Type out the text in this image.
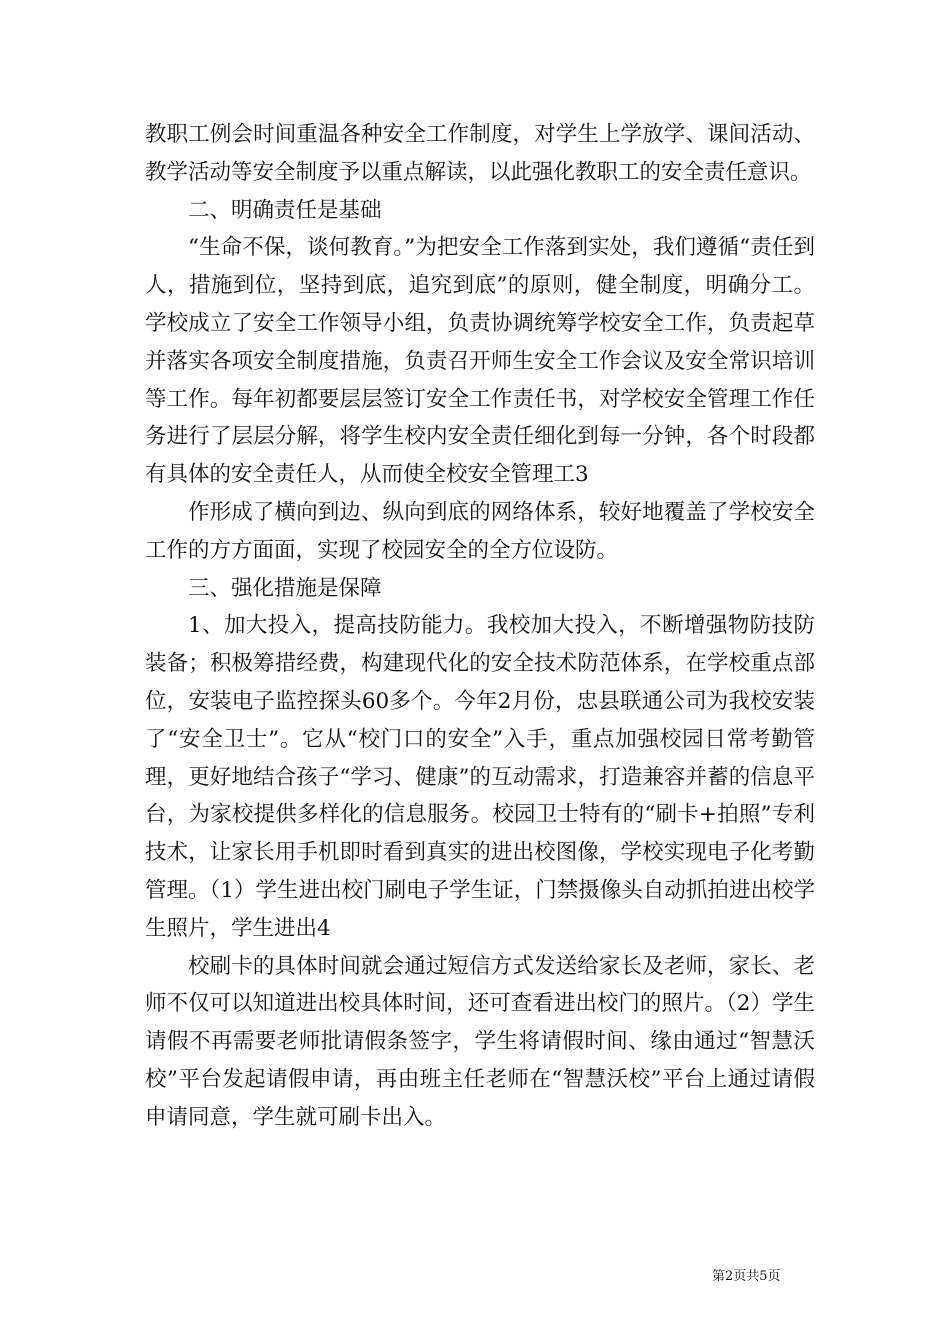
教职工例会时间重温各种安全工作制度，对学生上学放学、课间活动、教学活动等安全制度予以重点解读，以此强化教职工的安全责任意识。

二、明确责任是基础

“生命不保，谈何教育。”为把安全工作落到实处，我们遵循“责任到人，措施到位，坚持到底，追究到底”的原则，健全制度，明确分工。学校成立了安全工作领导小组，负责协调统筹学校安全工作，负责起草并落实各项安全制度措施，负责召开师生安全工作会议及安全常识培训等工作。每年初都要层层签订安全工作责任书，对学校安全管理工作任务进行了层层分解，将学生校内安全责任细化到每一分钟，各个时段都有具体的安全责任人，从而使全校安全管理工3

作形成了横向到边、纵向到底的网络体系，较好地覆盖了学校安全工作的方方面面，实现了校园安全的全方位设防。

三、强化措施是保障

1、加大投入，提高技防能力。我校加大投入，不断增强物防技防装备；积极筹措经费，构建现代化的安全技术防范体系，在学校重点部位，安装电子监控探头60多个。今年2月份，忠县联通公司为我校安装了“安全卫士”。它从“校门口的安全”入手，重点加强校园日常考勤管理，更好地结合孩子“学习、健康”的互动需求，打造兼容并蓄的信息平台，为家校提供多样化的信息服务。校园卫士特有的“刷卡+拍照”专利技术，让家长用手机即时看到真实的进出校图像，学校实现电子化考勤管理。（1）学生进出校门刷电子学生证，门禁摄像头自动抓拍进出校学生照片，学生进出4

校刷卡的具体时间就会通过短信方式发送给家长及老师，家长、老师不仅可以知道进出校具体时间，还可查看进出校门的照片。（2）学生请假不再需要老师批请假条签字，学生将请假时间、缘由通过“智慧沃校”平台发起请假申请，再由班主任老师在“智慧沃校”平台上通过请假申请同意，学生就可刷卡出入。

第2页共5页
